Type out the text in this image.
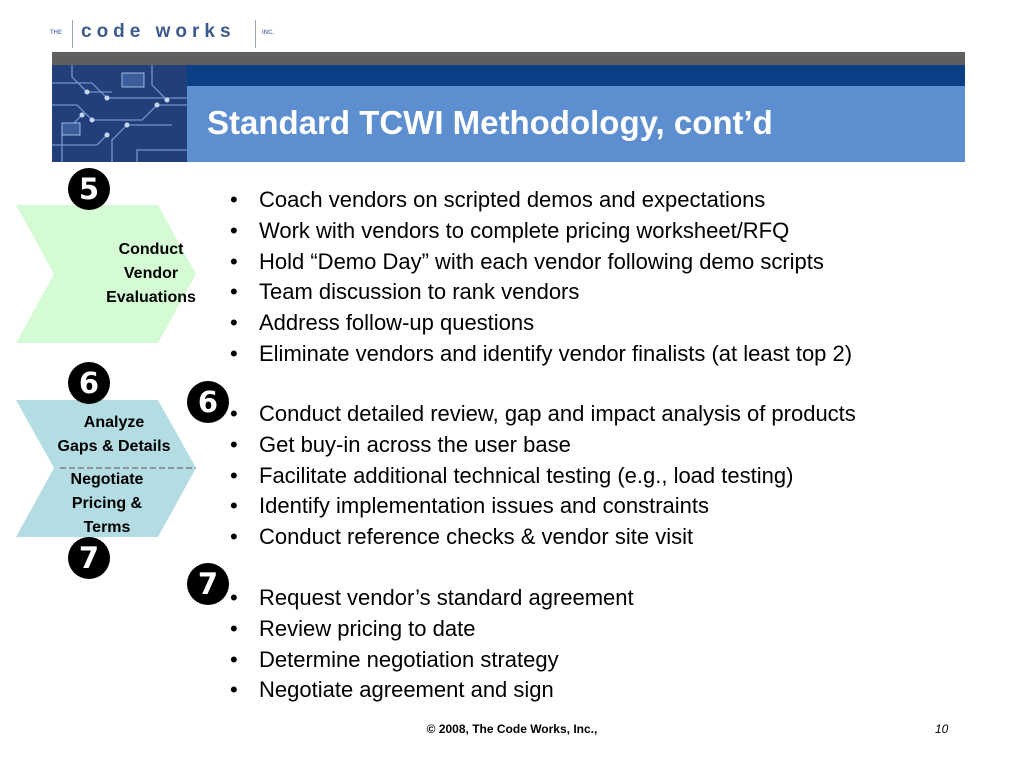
THE code works	INC.
Standard TCWI Methodology, cont’d
Conduct
Vendor
Evaluations
Analyze
Gaps & Details
Negotiate
Pricing &
Terms
5
6
7
6
7
• Coach vendors on scripted demos and expectations
• Work with vendors to complete pricing worksheet/RFQ
• Hold “Demo Day” with each vendor following demo scripts
• Team discussion to rank vendors
• Address follow-up questions
• Eliminate vendors and identify vendor finalists (at least top 2)
• Conduct detailed review, gap and impact analysis of products
• Get buy-in across the user base
• Facilitate additional technical testing (e.g., load testing)
• Identify implementation issues and constraints
• Conduct reference checks & vendor site visit
• Request vendor’s standard agreement
• Review pricing to date
• Determine negotiation strategy
• Negotiate agreement and sign
© 2008, The Code Works, Inc.,	10
